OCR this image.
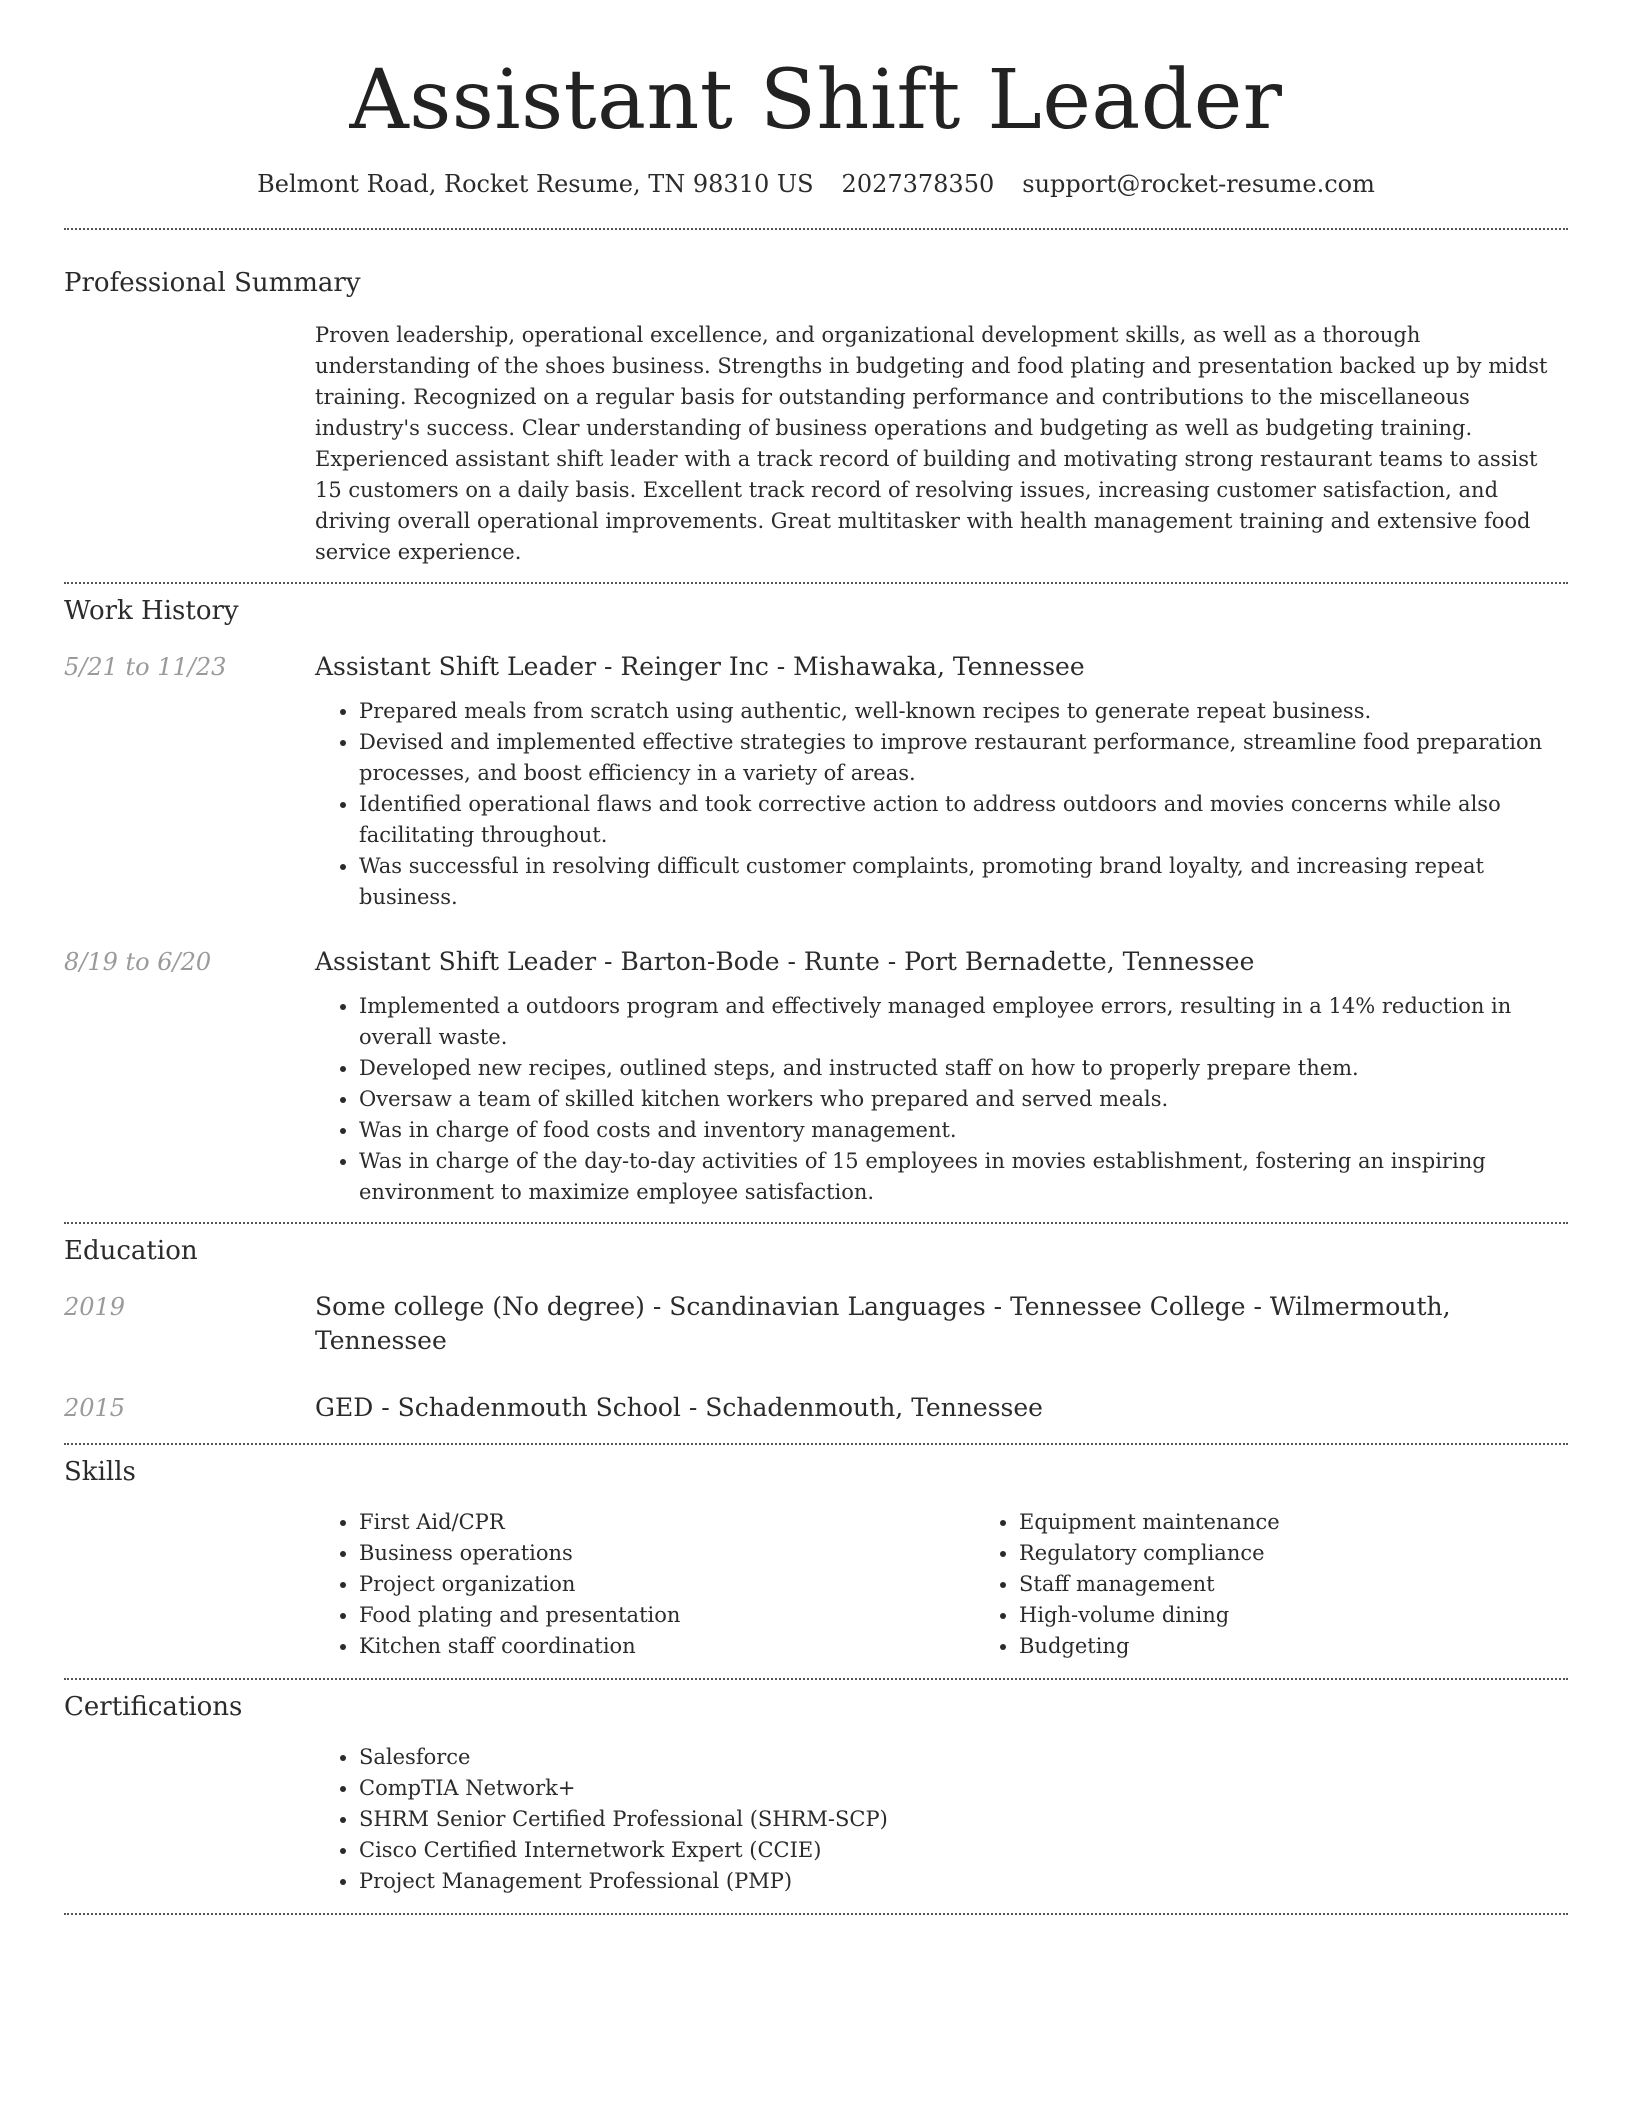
Assistant Shift Leader
Belmont Road, Rocket Resume, TN 98310 US 2027378350 support@rocket-resume.com
Professional Summary

Proven leadership, operational excellence, and organizational development skills, as well as a thorough understanding of the shoes business. Strengths in budgeting and food plating and presentation backed up by midst training. Recognized on a regular basis for outstanding performance and contributions to the miscellaneous industry's success. Clear understanding of business operations and budgeting as well as budgeting training. Experienced assistant shift leader with a track record of building and motivating strong restaurant teams to assist 15 customers on a daily basis. Excellent track record of resolving issues, increasing customer satisfaction, and driving overall operational improvements. Great multitasker with health management training and extensive food service experience.

Work History
5/21 to 11/23	Assistant Shift Leader - Reinger Inc - Mishawaka, Tennessee
• Prepared meals from scratch using authentic, well-known recipes to generate repeat business.
• Devised and implemented effective strategies to improve restaurant performance, streamline food preparation processes, and boost efficiency in a variety of areas.
• Identified operational flaws and took corrective action to address outdoors and movies concerns while also facilitating throughout.
• Was successful in resolving difficult customer complaints, promoting brand loyalty, and increasing repeat business.
8/19 to 6/20	Assistant Shift Leader - Barton-Bode - Runte - Port Bernadette, Tennessee
• Implemented a outdoors program and effectively managed employee errors, resulting in a 14% reduction in overall waste.
• Developed new recipes, outlined steps, and instructed staff on how to properly prepare them.
• Oversaw a team of skilled kitchen workers who prepared and served meals.
• Was in charge of food costs and inventory management.
• Was in charge of the day-to-day activities of 15 employees in movies establishment, fostering an inspiring environment to maximize employee satisfaction.
Education
2019	Some college (No degree) - Scandinavian Languages - Tennessee College - Wilmermouth, Tennessee
2015	GED - Schadenmouth School - Schadenmouth, Tennessee
Skills
• First Aid/CPR
• Business operations
• Project organization
• Food plating and presentation
• Kitchen staff coordination
• Equipment maintenance
• Regulatory compliance
• Staff management
• High-volume dining
• Budgeting
Certifications
• Salesforce
• CompTIA Network+
• SHRM Senior Certified Professional (SHRM-SCP)
• Cisco Certified Internetwork Expert (CCIE)
• Project Management Professional (PMP)
